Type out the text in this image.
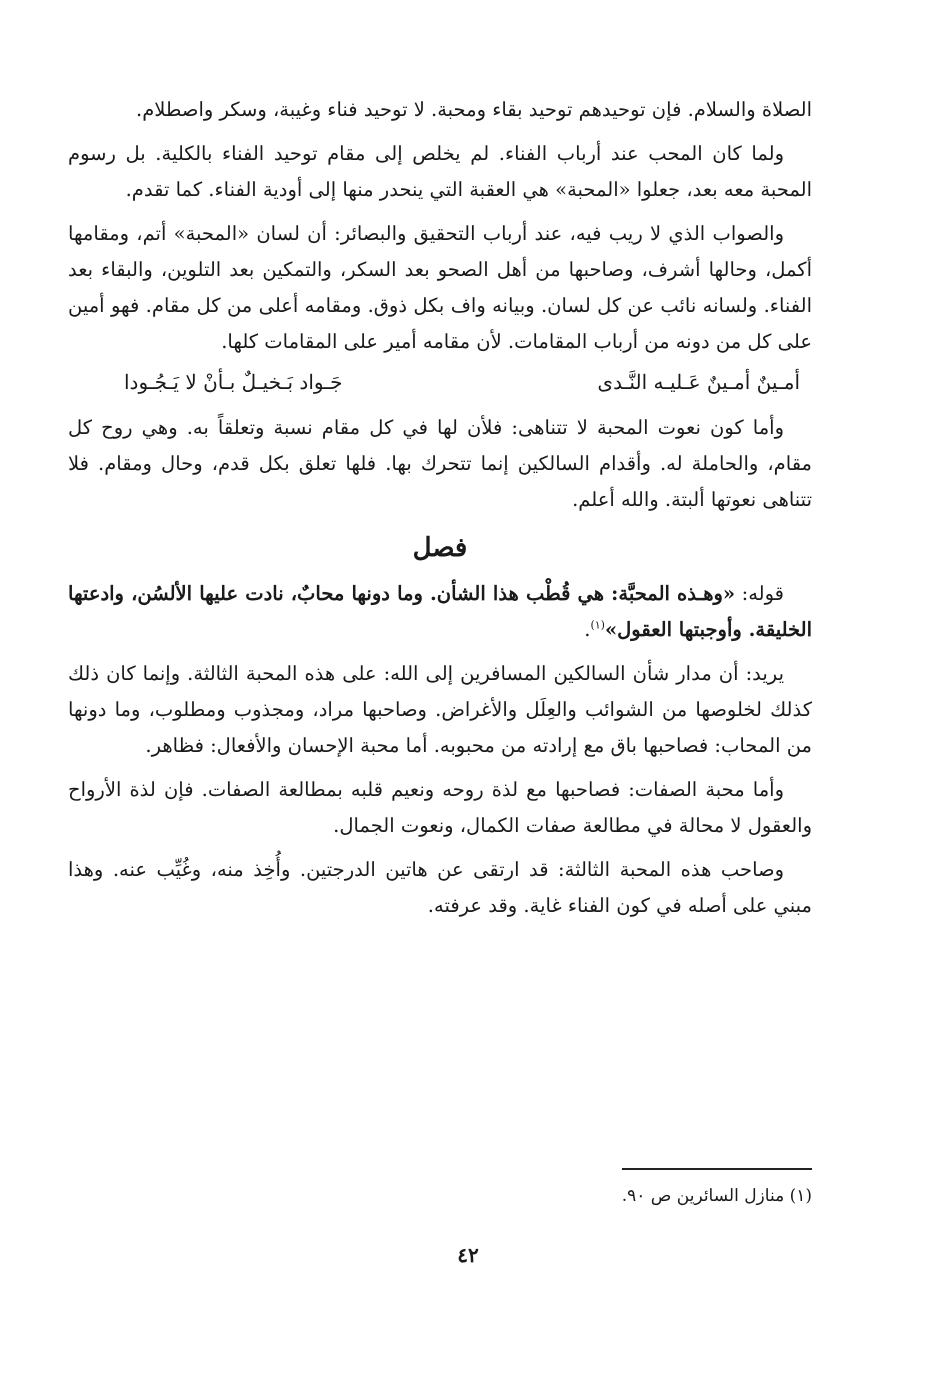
الصلاة والسلام. فإن توحيدهم توحيد بقاء ومحبة. لا توحيد فناء وغيبة، وسكر واصطلام.

ولما كان المحب عند أرباب الفناء. لم يخلص إلى مقام توحيد الفناء بالكلية. بل رسوم المحبة معه بعد، جعلوا «المحبة» هي العقبة التي ينحدر منها إلى أودية الفناء. كما تقدم.

والصواب الذي لا ريب فيه، عند أرباب التحقيق والبصائر: أن لسان «المحبة» أتم، ومقامها أكمل، وحالها أشرف، وصاحبها من أهل الصحو بعد السكر، والتمكين بعد التلوين، والبقاء بعد الفناء. ولسانه نائب عن كل لسان. وبيانه واف بكل ذوق. ومقامه أعلى من كل مقام. فهو أمين على كل من دونه من أرباب المقامات. لأن مقامه أمير على المقامات كلها.

أمـينٌ أمـينٌ عَـليـه النَّـدى
جَـواد بَـخيـلٌ بـأنْ لا يَـجُـودا

وأما كون نعوت المحبة لا تتناهى: فلأن لها في كل مقام نسبة وتعلقاً به. وهي روح كل مقام، والحاملة له. وأقدام السالكين إنما تتحرك بها. فلها تعلق بكل قدم، وحال ومقام. فلا تتناهى نعوتها ألبتة. والله أعلم.

فصل

قوله: «وهـذه المحبَّة: هي قُطْب هذا الشأن. وما دونها محابٌ، نادت عليها الألسُن، وادعتها الخليقة. وأوجبتها العقول»$^{(١)}$.

يريد: أن مدار شأن السالكين المسافرين إلى الله: على هذه المحبة الثالثة. وإنما كان ذلك كذلك لخلوصها من الشوائب والعِلَل والأغراض. وصاحبها مراد، ومجذوب ومطلوب، وما دونها من المحاب: فصاحبها باق مع إرادته من محبوبه. أما محبة الإحسان والأفعال: فظاهر.

وأما محبة الصفات: فصاحبها مع لذة روحه ونعيم قلبه بمطالعة الصفات. فإن لذة الأرواح والعقول لا محالة في مطالعة صفات الكمال، ونعوت الجمال.

وصاحب هذه المحبة الثالثة: قد ارتقى عن هاتين الدرجتين. وأُخِذ منه، وغُيِّب عنه. وهذا مبني على أصله في كون الفناء غاية. وقد عرفته.

(١) منازل السائرين ص ٩٠.
٤٢
